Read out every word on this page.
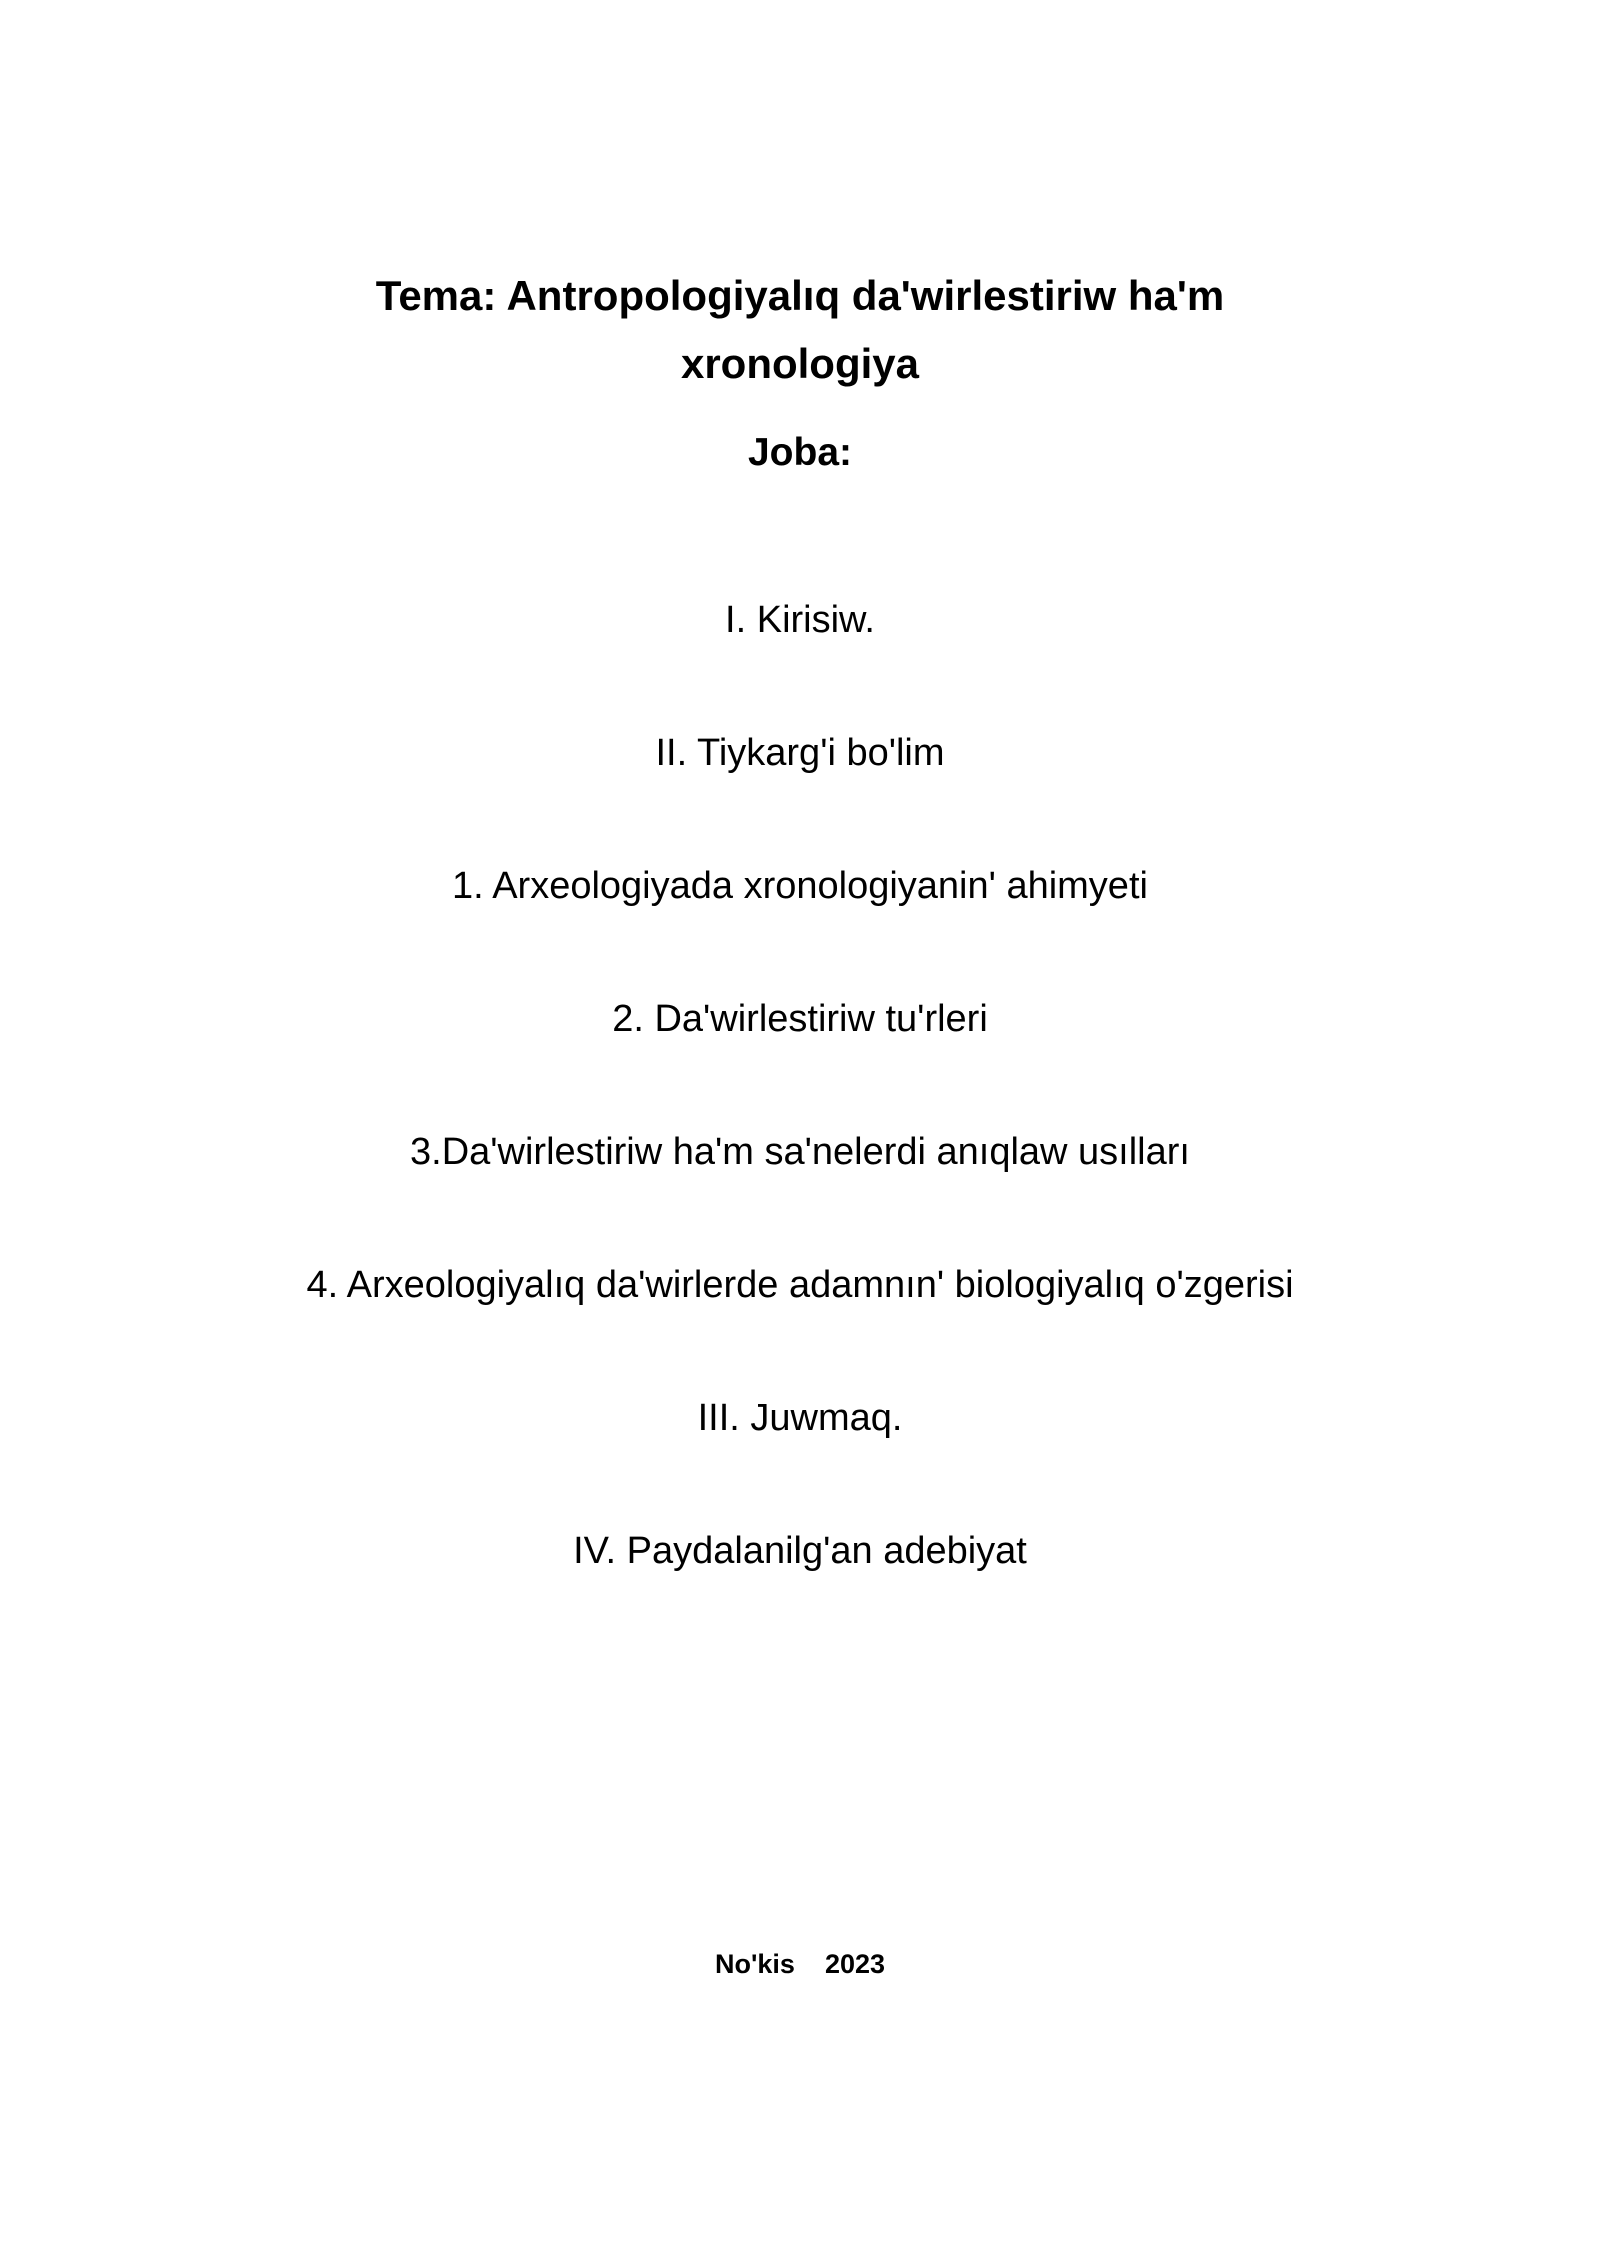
Tema: Antropologiyalıq da'wirlestiriw ha'm
xronologiya
Joba:
I. Kirisiw.
II. Tiykarg'i bo'lim
1. Arxeologiyada xronologiyanin' ahimyeti
2. Da'wirlestiriw tu'rleri
3.Da'wirlestiriw ha'm sa'nelerdi anıqlaw usılları
4. Arxeologiyalıq da'wirlerde adamnın' biologiyalıq o'zgerisi
III. Juwmaq.
IV. Paydalanilg'an adebiyat
No'kis 2023
